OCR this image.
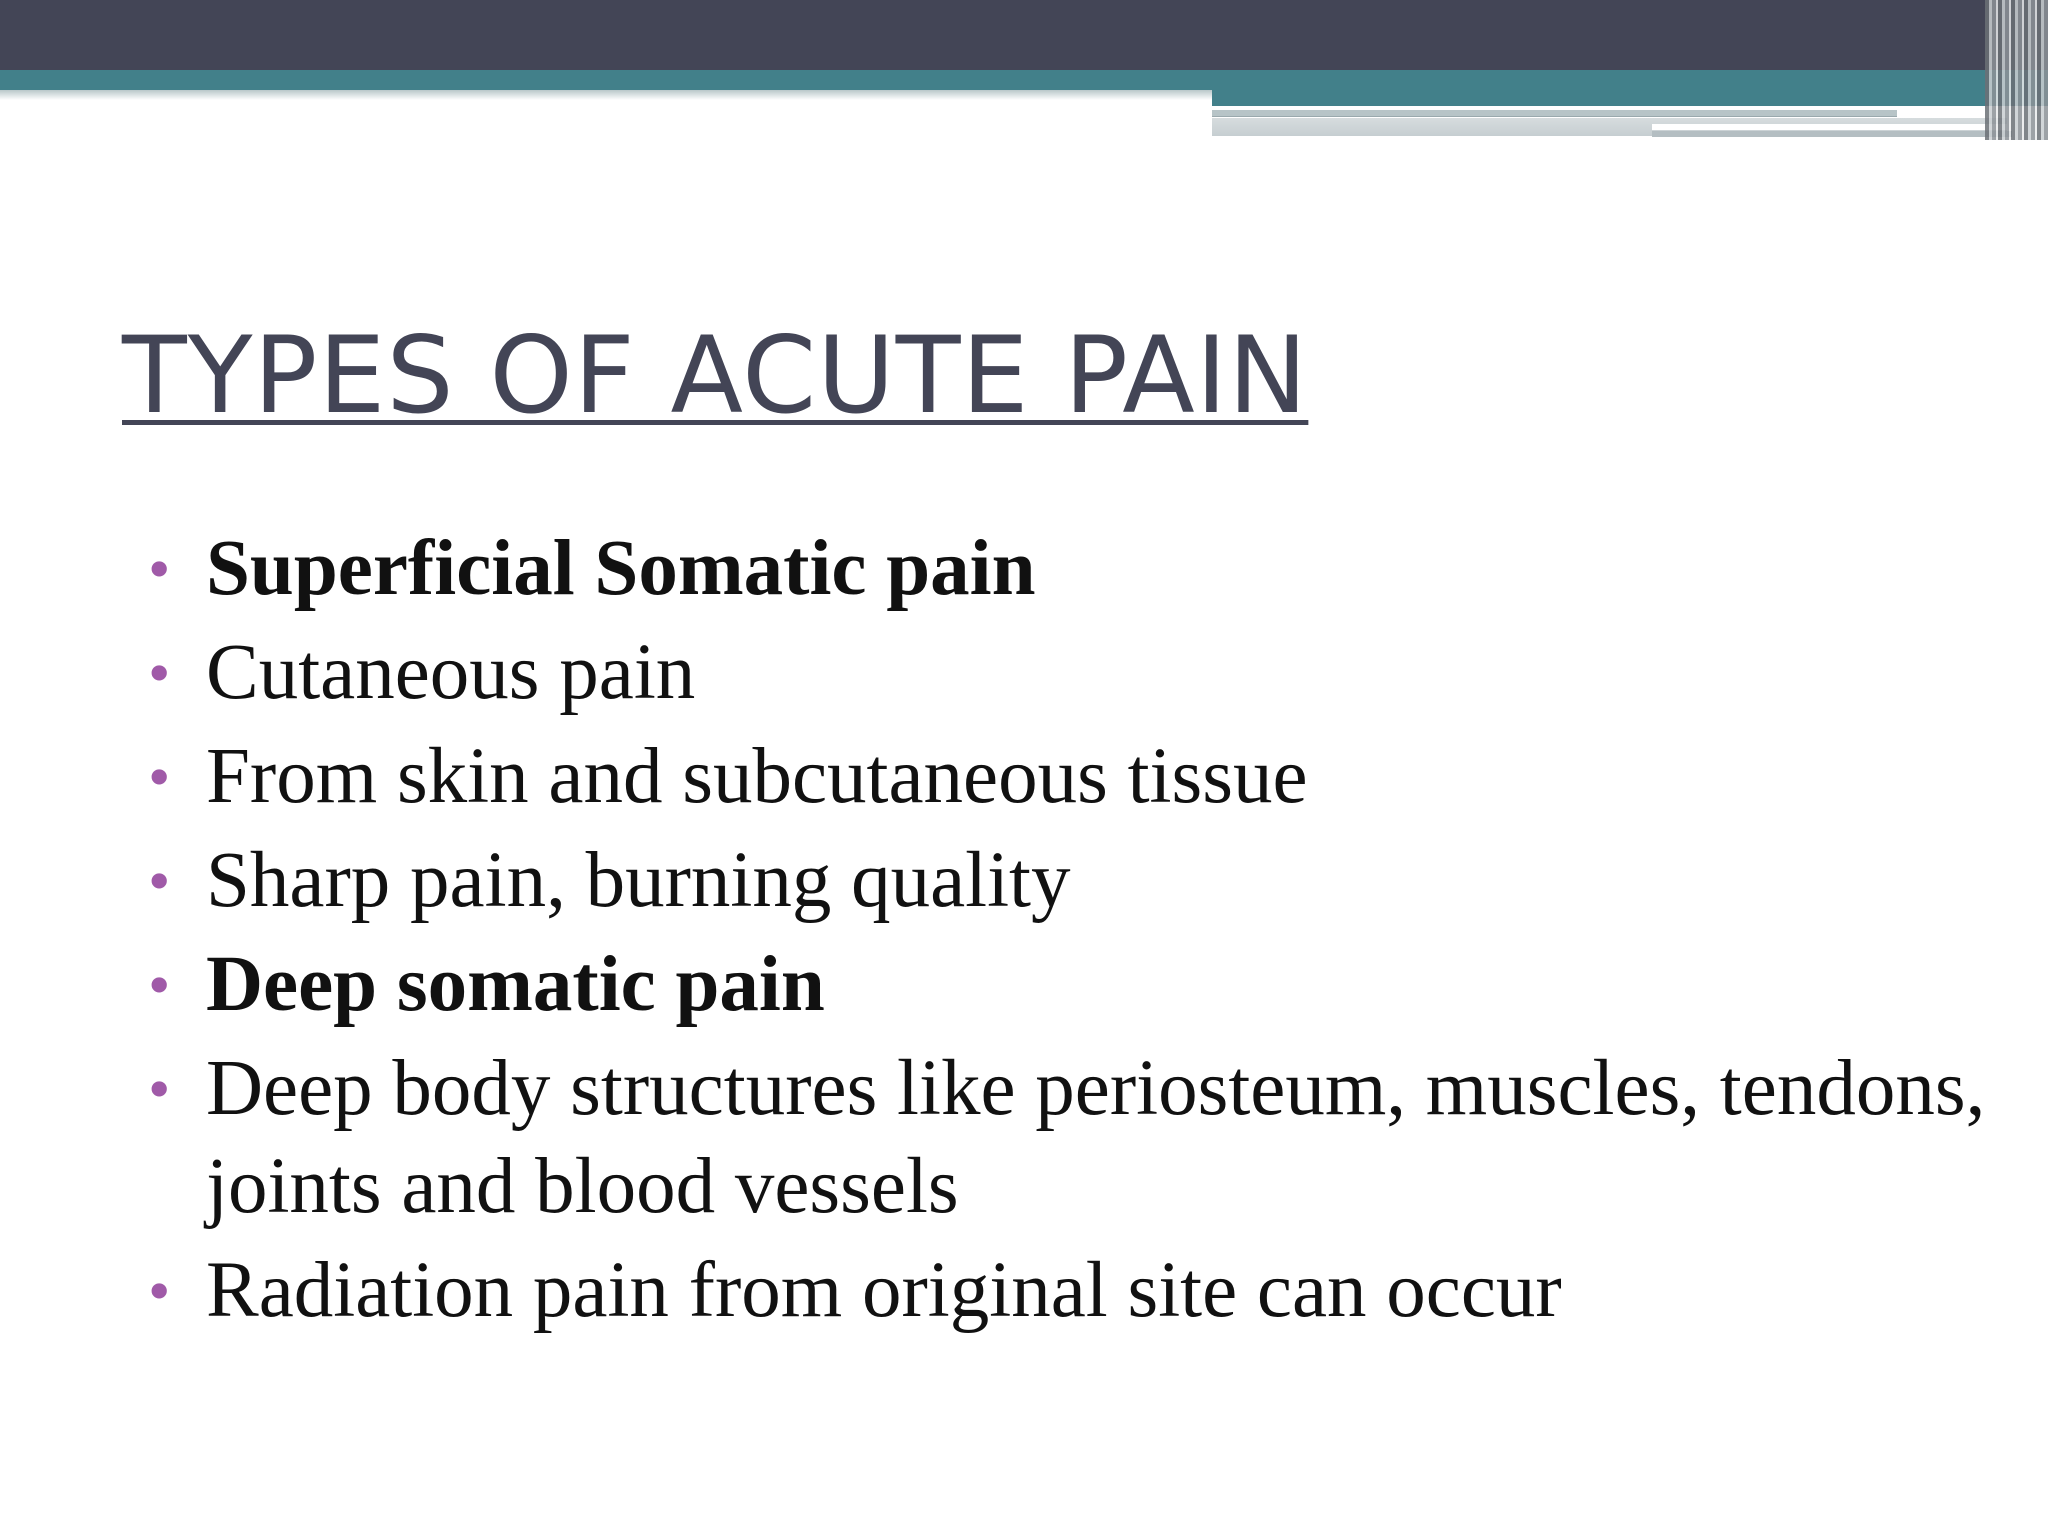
TYPES OF ACUTE PAIN
• Superficial Somatic pain
• Cutaneous pain
• From skin and subcutaneous tissue
• Sharp pain, burning quality
• Deep somatic pain
• Deep body structures like periosteum, muscles, tendons, joints and blood vessels
• Radiation pain from original site can occur
